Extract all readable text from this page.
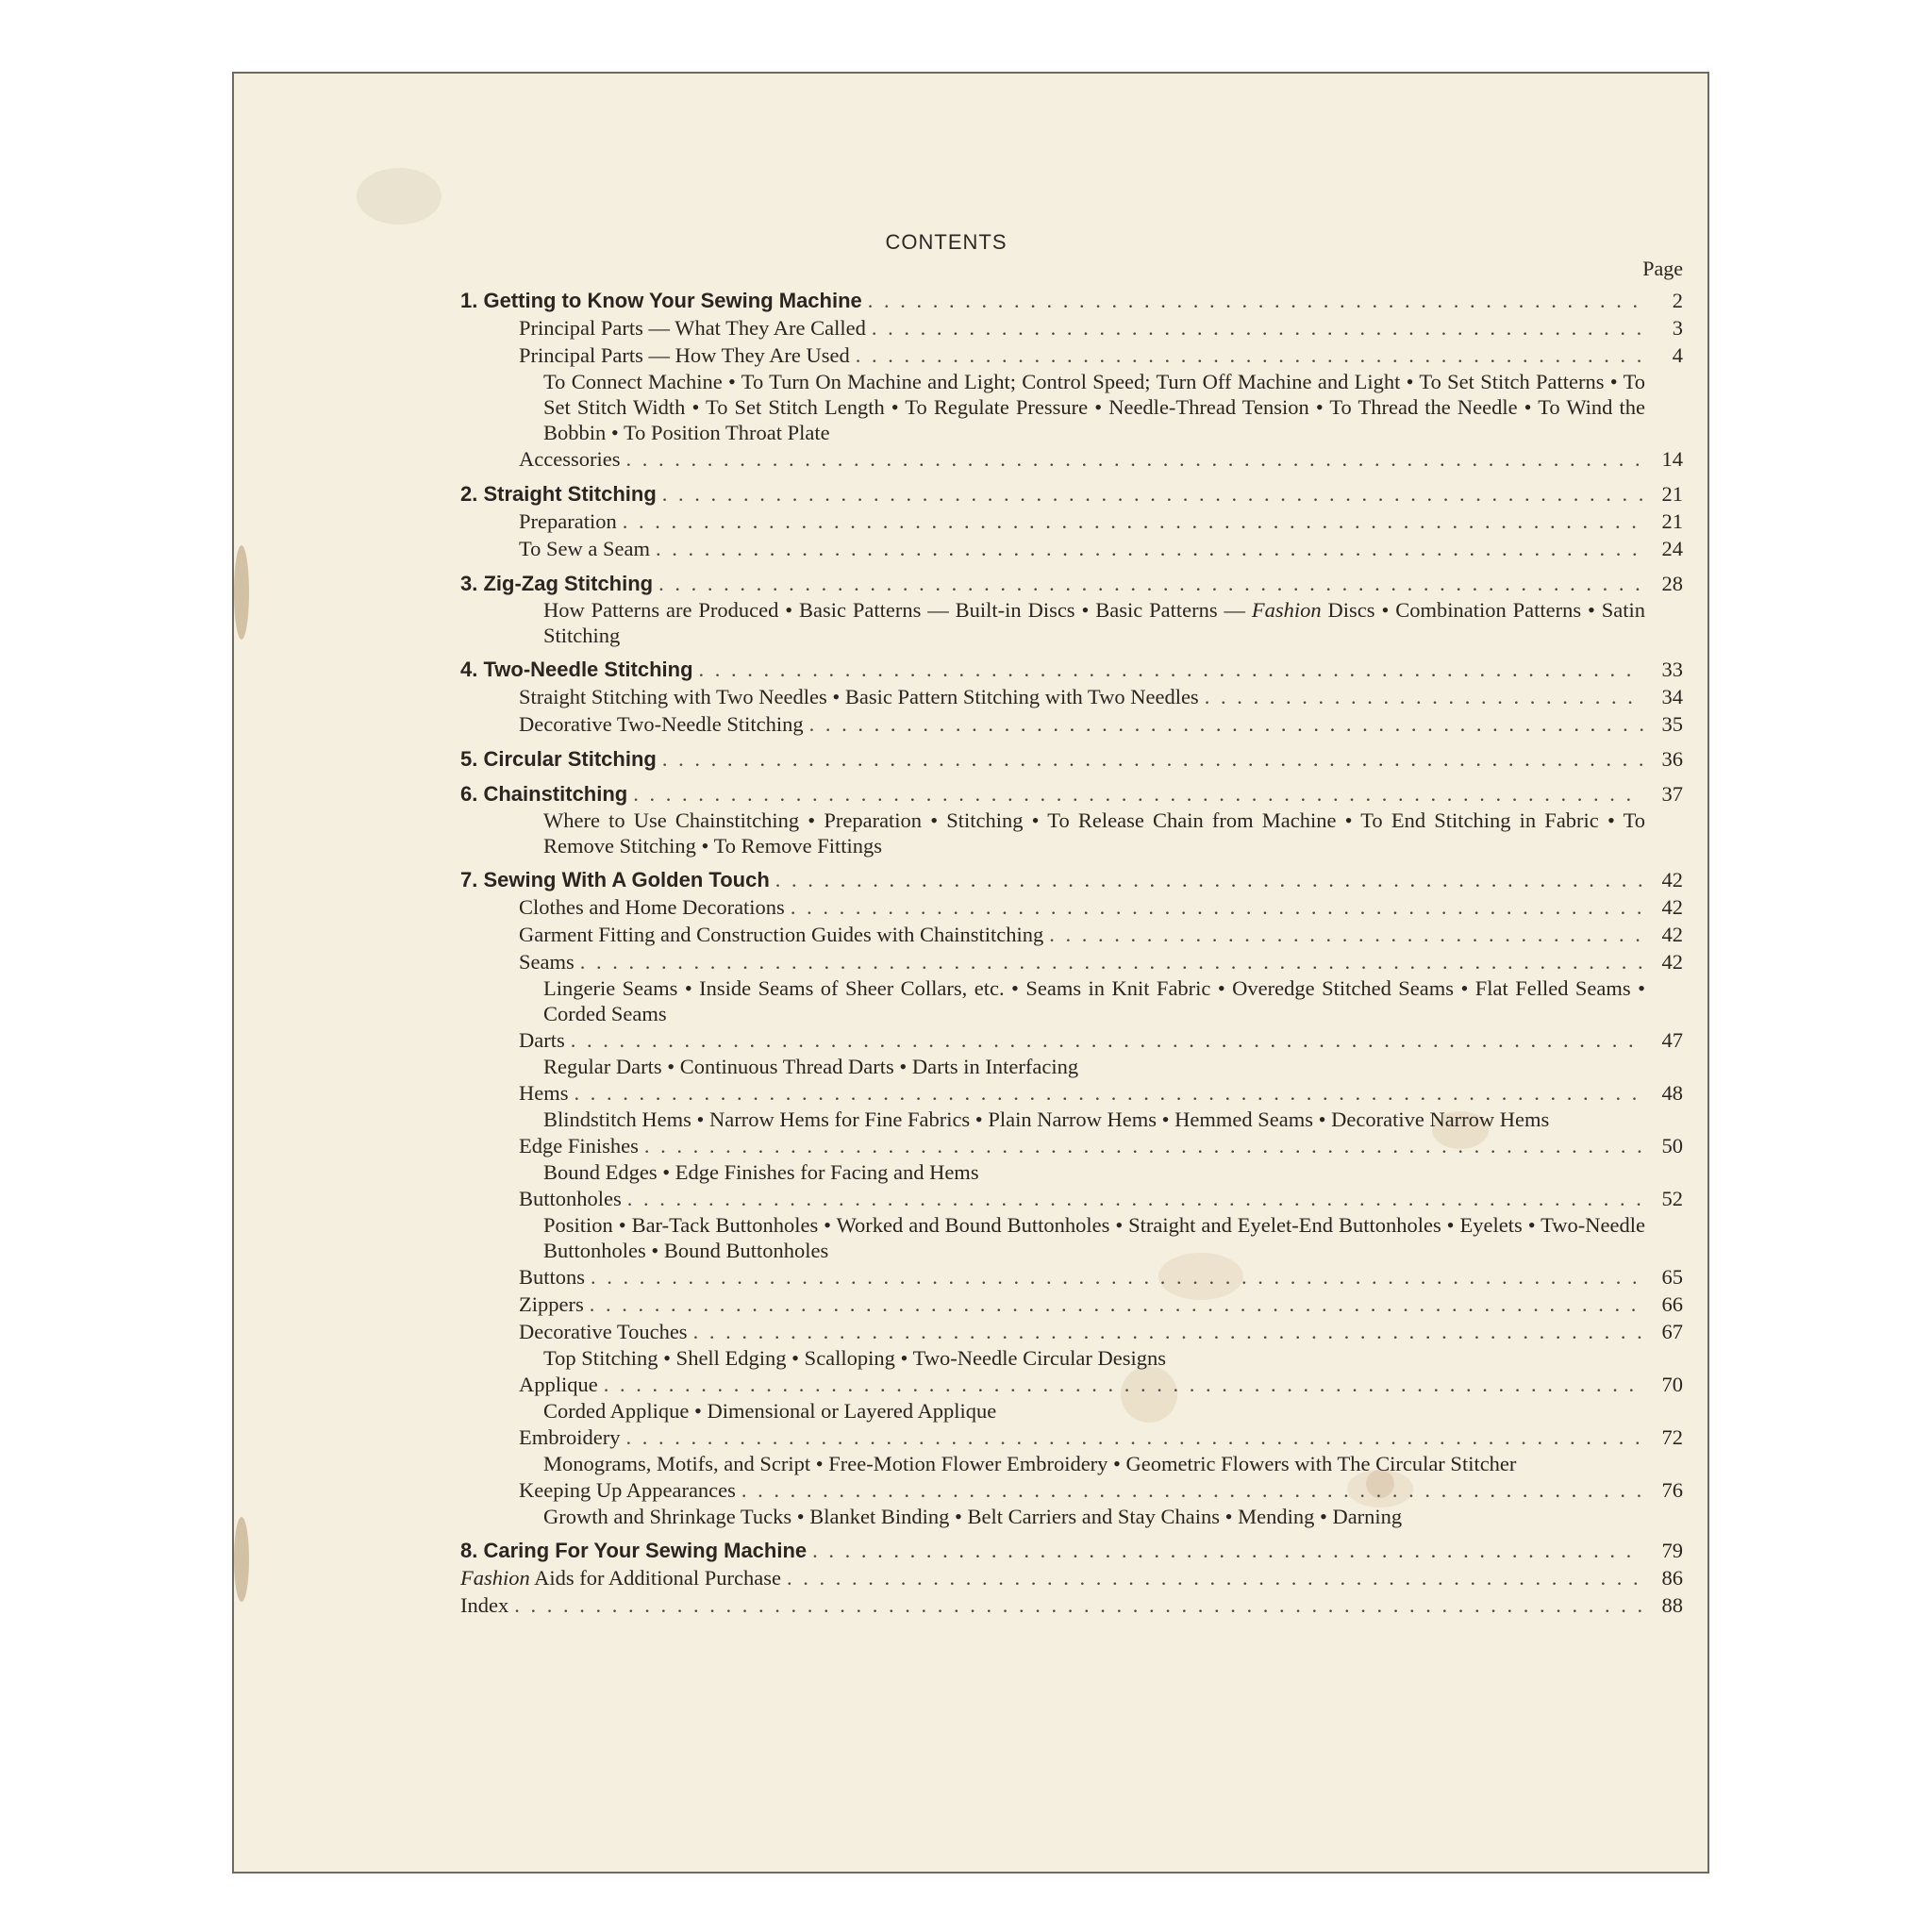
CONTENTS
Page
1. Getting to Know Your Sewing Machine . . .	2
Principal Parts — What They Are Called . . .	3
Principal Parts — How They Are Used . . .	4
To Connect Machine • To Turn On Machine and Light; Control Speed; Turn Off Machine and Light • To Set Stitch Patterns • To Set Stitch Width • To Set Stitch Length • To Regulate Pressure • Needle-Thread Tension • To Thread the Needle • To Wind the Bobbin • To Position Throat Plate
Accessories . . .	14
2. Straight Stitching . . .	21
Preparation . . .	21
To Sew a Seam . . .	24
3. Zig-Zag Stitching . . .	28
How Patterns are Produced • Basic Patterns — Built-in Discs • Basic Patterns — Fashion Discs • Combination Patterns • Satin Stitching
4. Two-Needle Stitching . . .	33
Straight Stitching with Two Needles • Basic Pattern Stitching with Two Needles . . .	34
Decorative Two-Needle Stitching . . .	35
5. Circular Stitching . . .	36
6. Chainstitching . . .	37
Where to Use Chainstitching • Preparation • Stitching • To Release Chain from Machine • To End Stitching in Fabric • To Remove Stitching • To Remove Fittings
7. Sewing With A Golden Touch . . .	42
Clothes and Home Decorations . . .	42
Garment Fitting and Construction Guides with Chainstitching . . .	42
Seams . . .	42
Lingerie Seams • Inside Seams of Sheer Collars, etc. • Seams in Knit Fabric • Overedge Stitched Seams • Flat Felled Seams • Corded Seams
Darts . . .	47
Regular Darts • Continuous Thread Darts • Darts in Interfacing
Hems . . .	48
Blindstitch Hems • Narrow Hems for Fine Fabrics • Plain Narrow Hems • Hemmed Seams • Decorative Narrow Hems
Edge Finishes . . .	50
Bound Edges • Edge Finishes for Facing and Hems
Buttonholes . . .	52
Position • Bar-Tack Buttonholes • Worked and Bound Buttonholes • Straight and Eyelet-End Buttonholes • Eyelets • Two-Needle Buttonholes • Bound Buttonholes
Buttons . . .	65
Zippers . . .	66
Decorative Touches . . .	67
Top Stitching • Shell Edging • Scalloping • Two-Needle Circular Designs
Applique . . .	70
Corded Applique • Dimensional or Layered Applique
Embroidery . . .	72
Monograms, Motifs, and Script • Free-Motion Flower Embroidery • Geometric Flowers with The Circular Stitcher
Keeping Up Appearances . . .	76
Growth and Shrinkage Tucks • Blanket Binding • Belt Carriers and Stay Chains • Mending • Darning
8. Caring For Your Sewing Machine . . .	79
Fashion Aids for Additional Purchase . . .	86
Index . . .	88
